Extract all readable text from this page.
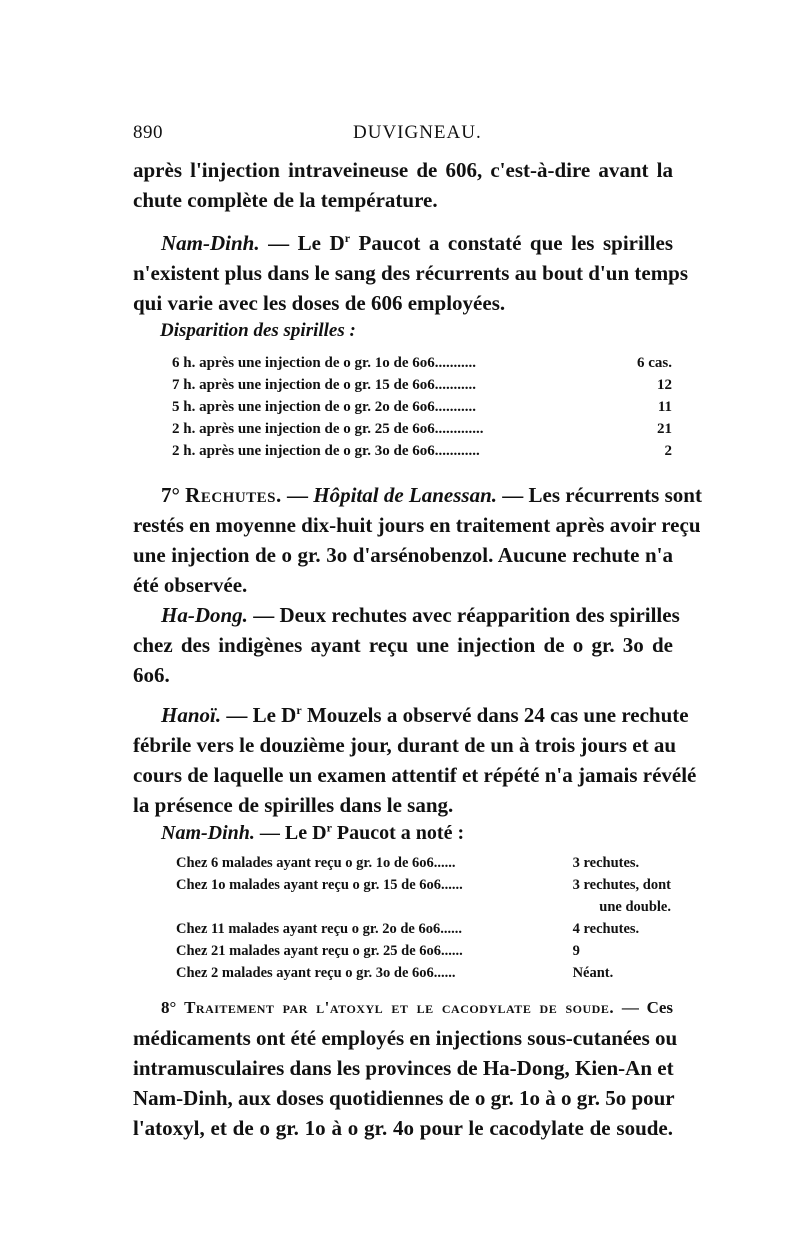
890	DUVIGNEAU.
après l'injection intraveineuse de 606, c'est-à-dire avant la
chute complète de la température.
Nam-Dinh. — Le $D^r$ Paucot a constaté que les spirilles
n'existent plus dans le sang des récurrents au bout d'un temps
qui varie avec les doses de 606 employées.
Disparition des spirilles :
6 h. après une injection de o gr. 1o de 6o6...........	6 cas.
7 h. après une injection de o gr. 15 de 6o6...........	12
5 h. après une injection de o gr. 2o de 6o6...........	11
2 h. après une injection de o gr. 25 de 6o6.............	21
2 h. après une injection de o gr. 3o de 6o6............	2
7° Rechutes. — Hôpital de Lanessan. — Les récurrents sont
restés en moyenne dix-huit jours en traitement après avoir reçu
une injection de o gr. 3o d'arsénobenzol. Aucune rechute n'a
été observée.
Ha-Dong. — Deux rechutes avec réapparition des spirilles
chez des indigènes ayant reçu une injection de o gr. 3o de
6o6.
Hanoï. — Le $D^r$ Mouzels a observé dans 24 cas une rechute
fébrile vers le douzième jour, durant de un à trois jours et au
cours de laquelle un examen attentif et répété n'a jamais révélé
la présence de spirilles dans le sang.
Nam-Dinh. — Le $D^r$ Paucot a noté :
Chez 6 malades ayant reçu o gr. 1o de 6o6......	3 rechutes.
Chez 1o malades ayant reçu o gr. 15 de 6o6......	3 rechutes, dont
	une double.
Chez 11 malades ayant reçu o gr. 2o de 6o6......	4 rechutes.
Chez 21 malades ayant reçu o gr. 25 de 6o6......	9
Chez 2 malades ayant reçu o gr. 3o de 6o6......	Néant.
8° Traitement par l'atoxyl et le cacodylate de soude. — Ces
médicaments ont été employés en injections sous-cutanées ou
intramusculaires dans les provinces de Ha-Dong, Kien-An et
Nam-Dinh, aux doses quotidiennes de o gr. 1o à o gr. 5o pour
l'atoxyl, et de o gr. 1o à o gr. 4o pour le cacodylate de soude.
